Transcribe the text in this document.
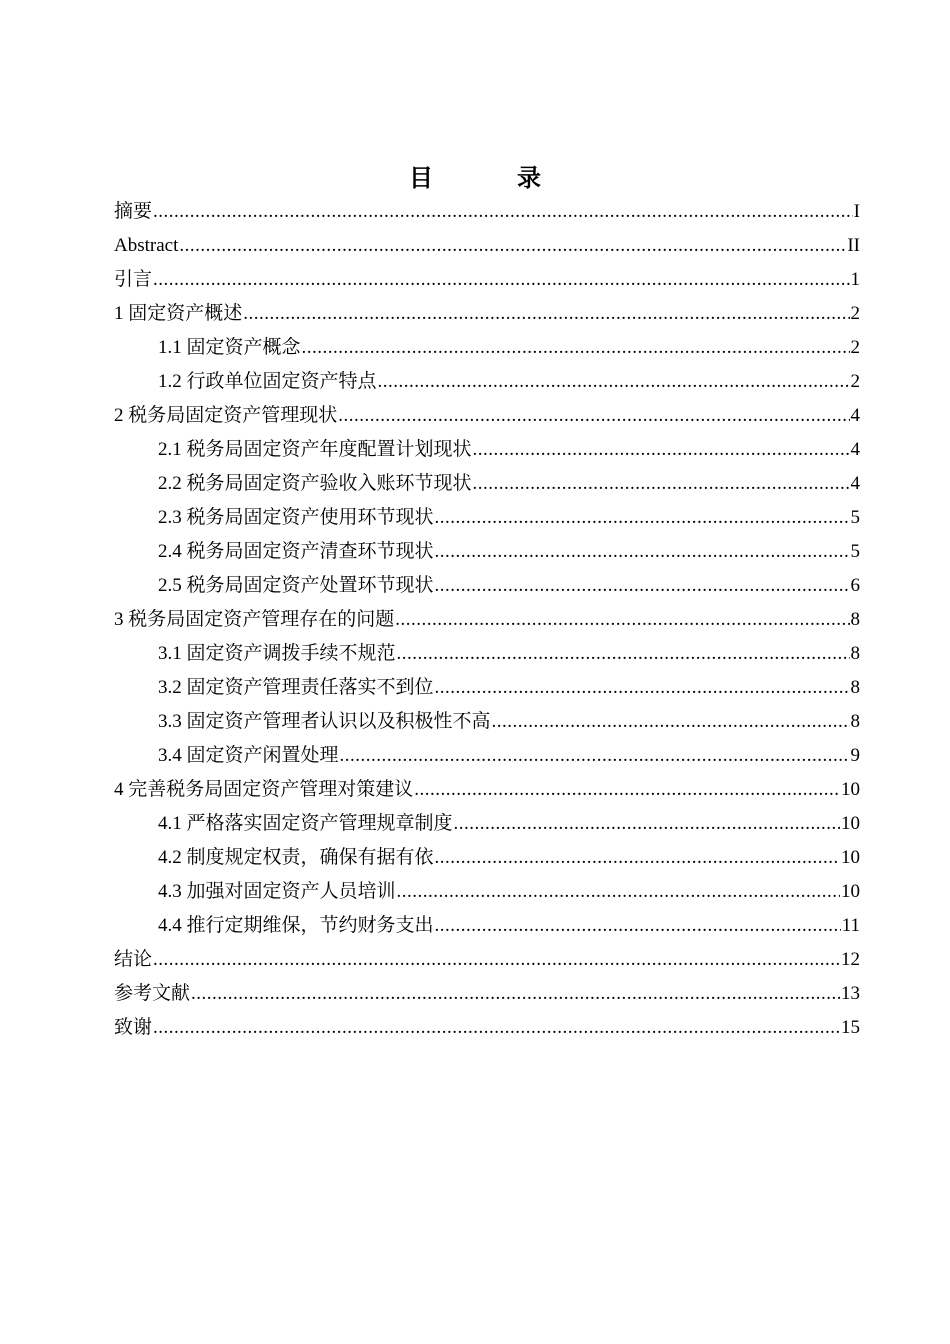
目　录
摘要 .....	I
Abstract .....	II
引言 .....	1
1 固定资产概述 .....	2
1.1 固定资产概念 .....	2
1.2 行政单位固定资产特点 .....	2
2 税务局固定资产管理现状 .....	4
2.1 税务局固定资产年度配置计划现状 .....	4
2.2 税务局固定资产验收入账环节现状 .....	4
2.3 税务局固定资产使用环节现状 .....	5
2.4 税务局固定资产清查环节现状 .....	5
2.5 税务局固定资产处置环节现状 .....	6
3 税务局固定资产管理存在的问题 .....	8
3.1 固定资产调拨手续不规范 .....	8
3.2 固定资产管理责任落实不到位 .....	8
3.3 固定资产管理者认识以及积极性不高 .....	8
3.4 固定资产闲置处理 .....	9
4 完善税务局固定资产管理对策建议 .....	10
4.1 严格落实固定资产管理规章制度 .....	10
4.2 制度规定权责，确保有据有依 .....	10
4.3 加强对固定资产人员培训 .....	10
4.4 推行定期维保，节约财务支出 .....	11
结论 .....	12
参考文献 .....	13
致谢 .....	15
